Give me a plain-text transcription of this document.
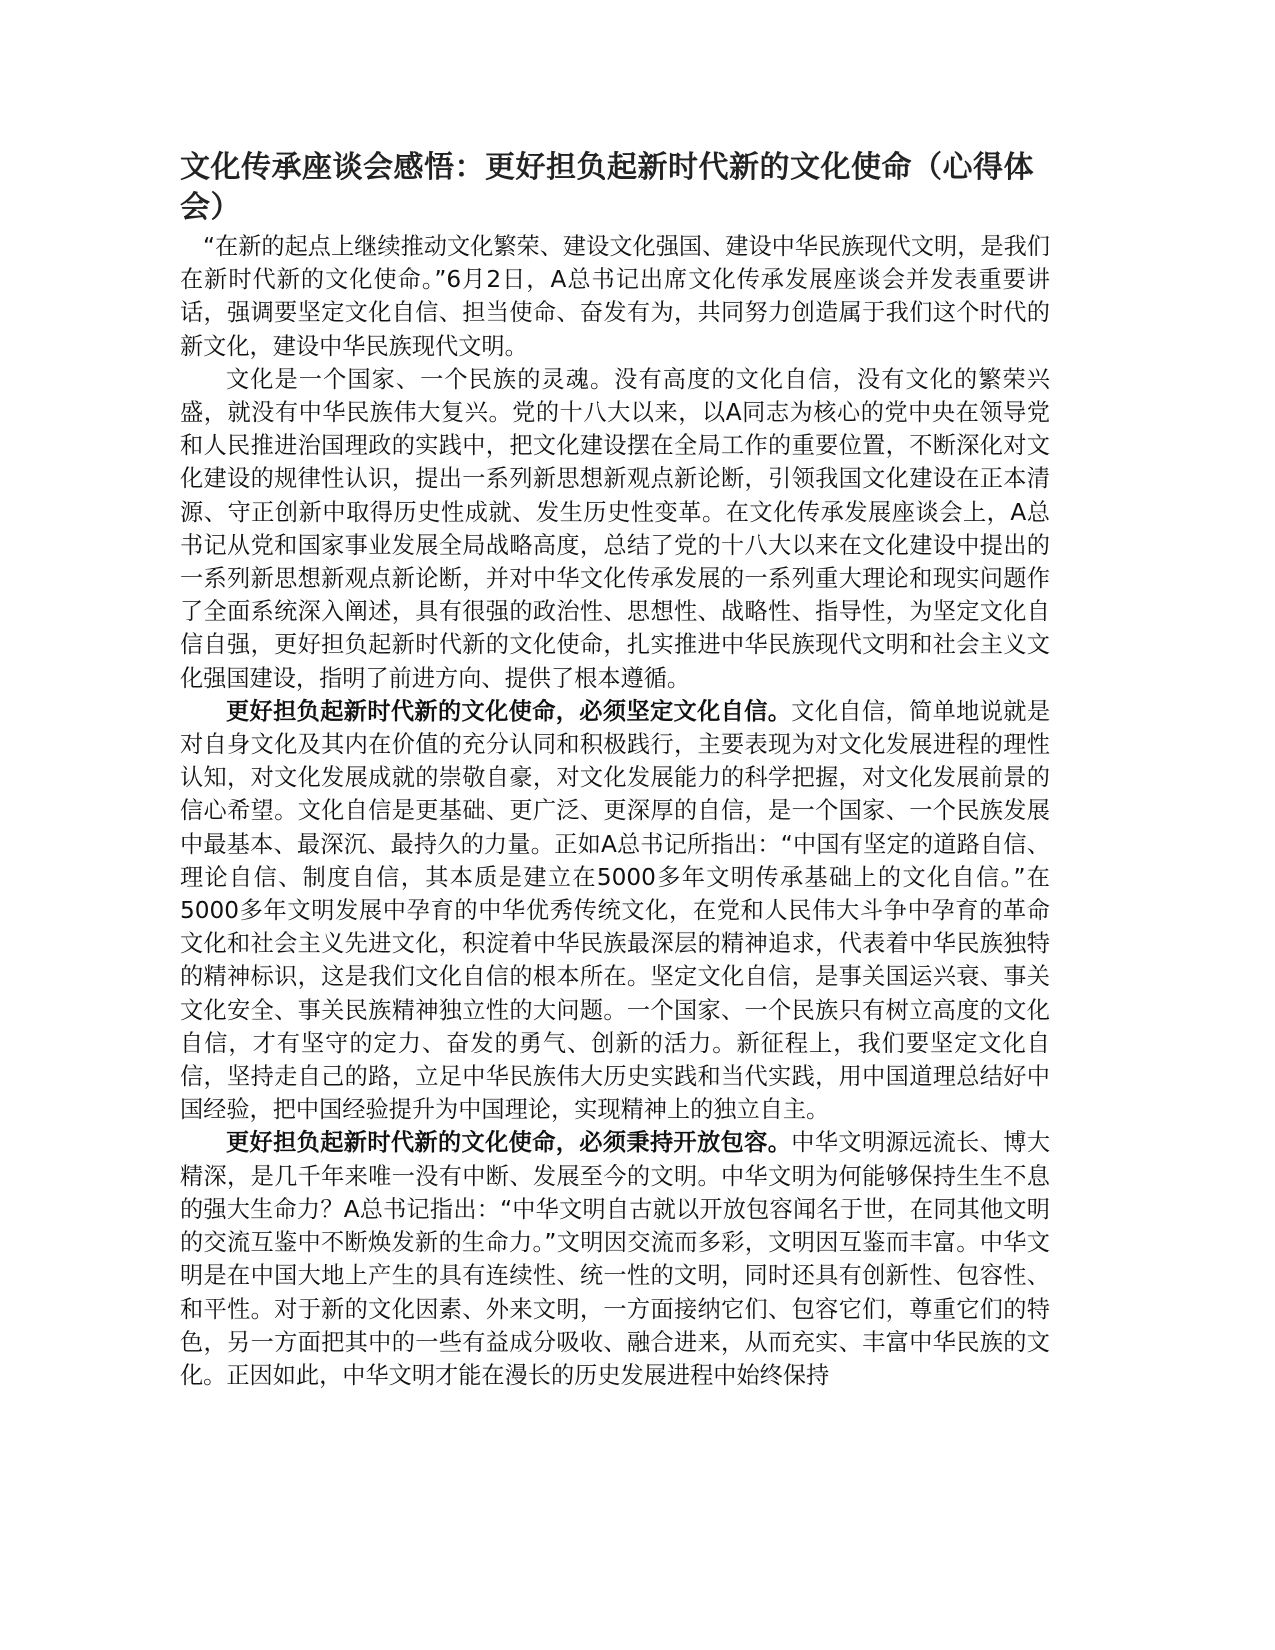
文化传承座谈会感悟：更好担负起新时代新的文化使命（心得体会）

“在新的起点上继续推动文化繁荣、建设文化强国、建设中华民族现代文明，是我们在新时代新的文化使命。”6月2日，A总书记出席文化传承发展座谈会并发表重要讲话，强调要坚定文化自信、担当使命、奋发有为，共同努力创造属于我们这个时代的新文化，建设中华民族现代文明。

文化是一个国家、一个民族的灵魂。没有高度的文化自信，没有文化的繁荣兴盛，就没有中华民族伟大复兴。党的十八大以来，以A同志为核心的党中央在领导党和人民推进治国理政的实践中，把文化建设摆在全局工作的重要位置，不断深化对文化建设的规律性认识，提出一系列新思想新观点新论断，引领我国文化建设在正本清源、守正创新中取得历史性成就、发生历史性变革。在文化传承发展座谈会上，A总书记从党和国家事业发展全局战略高度，总结了党的十八大以来在文化建设中提出的一系列新思想新观点新论断，并对中华文化传承发展的一系列重大理论和现实问题作了全面系统深入阐述，具有很强的政治性、思想性、战略性、指导性，为坚定文化自信自强，更好担负起新时代新的文化使命，扎实推进中华民族现代文明和社会主义文化强国建设，指明了前进方向、提供了根本遵循。

更好担负起新时代新的文化使命，必须坚定文化自信。文化自信，简单地说就是对自身文化及其内在价值的充分认同和积极践行，主要表现为对文化发展进程的理性认知，对文化发展成就的崇敬自豪，对文化发展能力的科学把握，对文化发展前景的信心希望。文化自信是更基础、更广泛、更深厚的自信，是一个国家、一个民族发展中最基本、最深沉、最持久的力量。正如A总书记所指出：“中国有坚定的道路自信、理论自信、制度自信，其本质是建立在5000多年文明传承基础上的文化自信。”在5000多年文明发展中孕育的中华优秀传统文化，在党和人民伟大斗争中孕育的革命文化和社会主义先进文化，积淀着中华民族最深层的精神追求，代表着中华民族独特的精神标识，这是我们文化自信的根本所在。坚定文化自信，是事关国运兴衰、事关文化安全、事关民族精神独立性的大问题。一个国家、一个民族只有树立高度的文化自信，才有坚守的定力、奋发的勇气、创新的活力。新征程上，我们要坚定文化自信，坚持走自己的路，立足中华民族伟大历史实践和当代实践，用中国道理总结好中国经验，把中国经验提升为中国理论，实现精神上的独立自主。

更好担负起新时代新的文化使命，必须秉持开放包容。中华文明源远流长、博大精深，是几千年来唯一没有中断、发展至今的文明。中华文明为何能够保持生生不息的强大生命力？A总书记指出：“中华文明自古就以开放包容闻名于世，在同其他文明的交流互鉴中不断焕发新的生命力。”文明因交流而多彩，文明因互鉴而丰富。中华文明是在中国大地上产生的具有连续性、统一性的文明，同时还具有创新性、包容性、和平性。对于新的文化因素、外来文明，一方面接纳它们、包容它们，尊重它们的特色，另一方面把其中的一些有益成分吸收、融合进来，从而充实、丰富中华民族的文化。正因如此，中华文明才能在漫长的历史发展进程中始终保持
